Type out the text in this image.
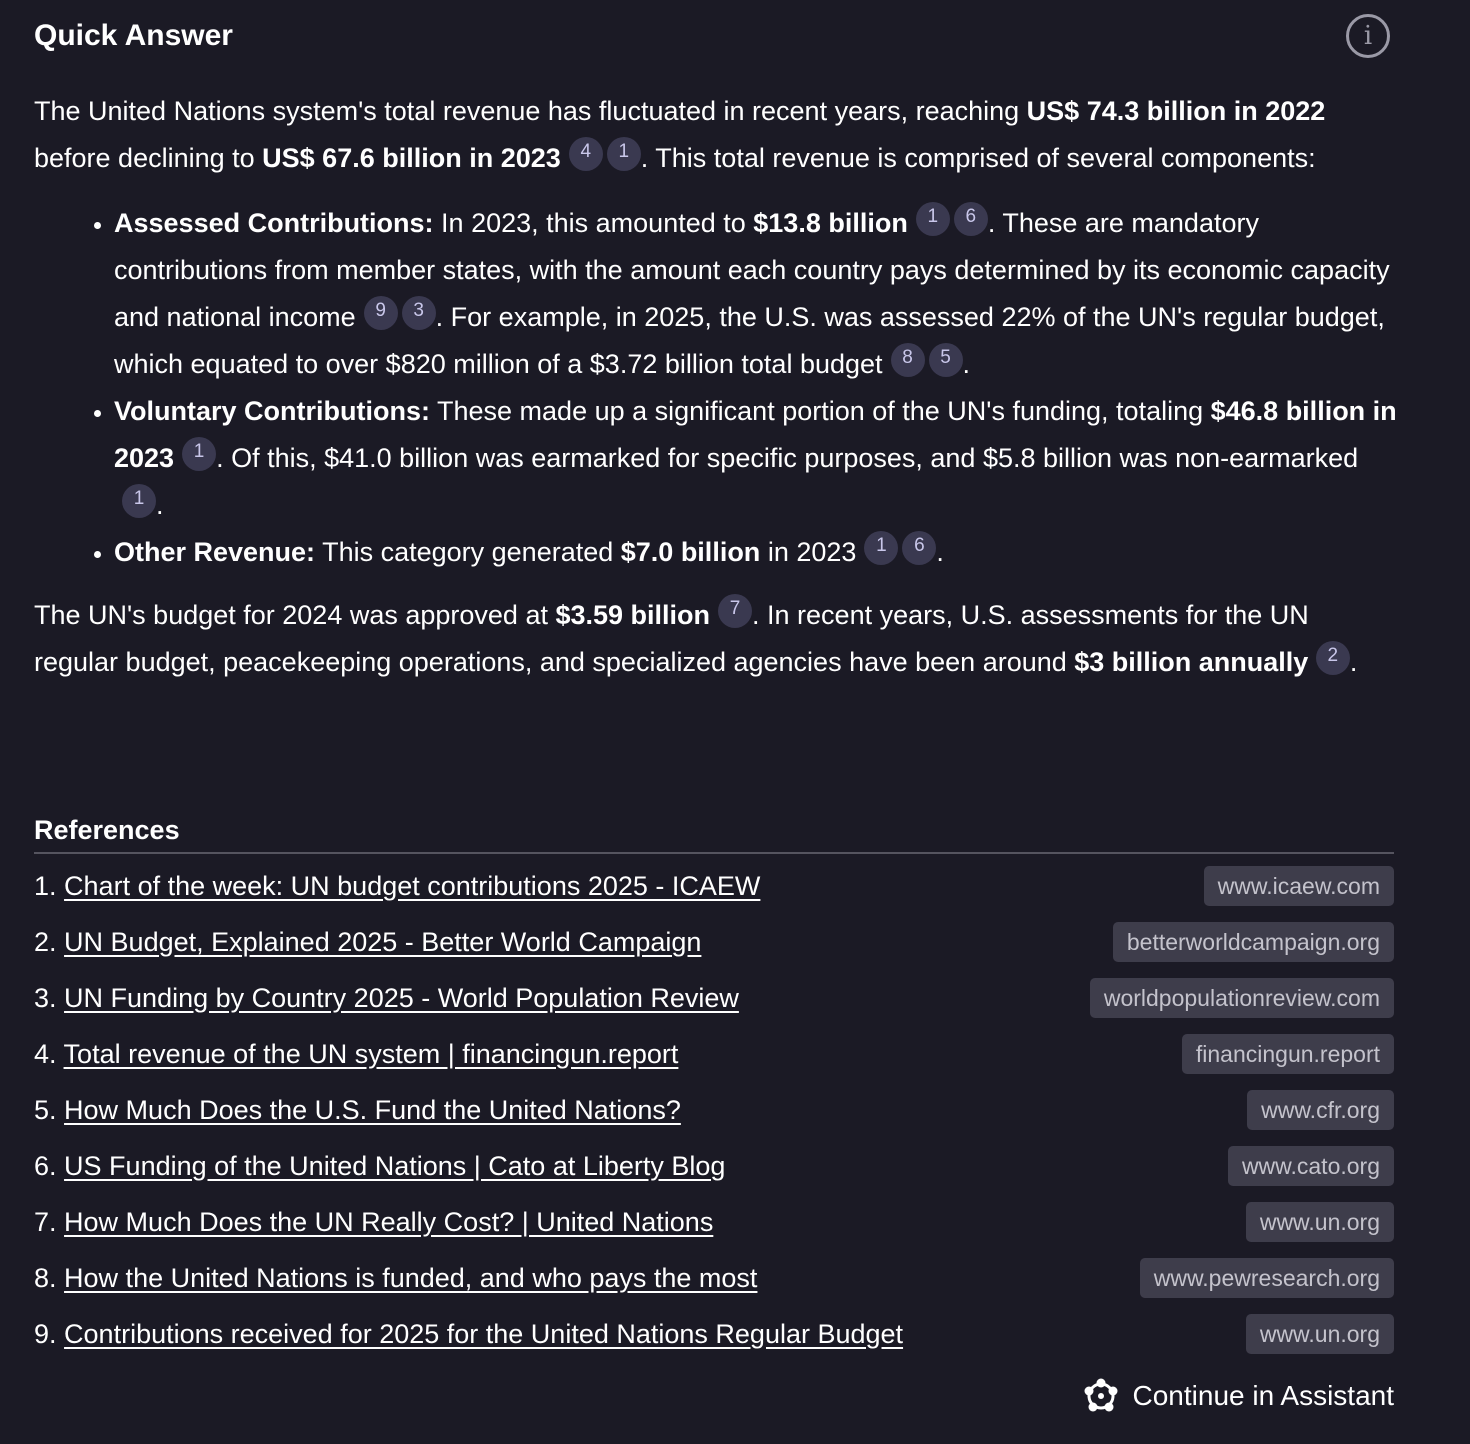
Quick Answer	i

The United Nations system's total revenue has fluctuated in recent years, reaching US$ 74.3 billion in 2022 before declining to US$ 67.6 billion in 2023 4 1 . This total revenue is comprised of several components:

• Assessed Contributions: In 2023, this amounted to $13.8 billion 1 6 . These are mandatory contributions from member states, with the amount each country pays determined by its economic capacity and national income 9 3 . For example, in 2025, the U.S. was assessed 22% of the UN's regular budget, which equated to over $820 million of a $3.72 billion total budget 8 5 .
• Voluntary Contributions: These made up a significant portion of the UN's funding, totaling $46.8 billion in 2023 1 . Of this, $41.0 billion was earmarked for specific purposes, and $5.8 billion was non-earmarked1 .
• Other Revenue: This category generated $7.0 billion in 2023 1 6 .

The UN's budget for 2024 was approved at $3.59 billion 7 . In recent years, U.S. assessments for the UN regular budget, peacekeeping operations, and specialized agencies have been around $3 billion annually 2 .

References
1. Chart of the week: UN budget contributions 2025 - ICAEW	www.icaew.com
2. UN Budget, Explained 2025 - Better World Campaign	betterworldcampaign.org
3. UN Funding by Country 2025 - World Population Review	worldpopulationreview.com
4. Total revenue of the UN system | financingun.report	financingun.report
5. How Much Does the U.S. Fund the United Nations?	www.cfr.org
6. US Funding of the United Nations | Cato at Liberty Blog	www.cato.org
7. How Much Does the UN Really Cost? | United Nations	www.un.org
8. How the United Nations is funded, and who pays the most	www.pewresearch.org
9. Contributions received for 2025 for the United Nations Regular Budget	www.un.org
Continue in Assistant
